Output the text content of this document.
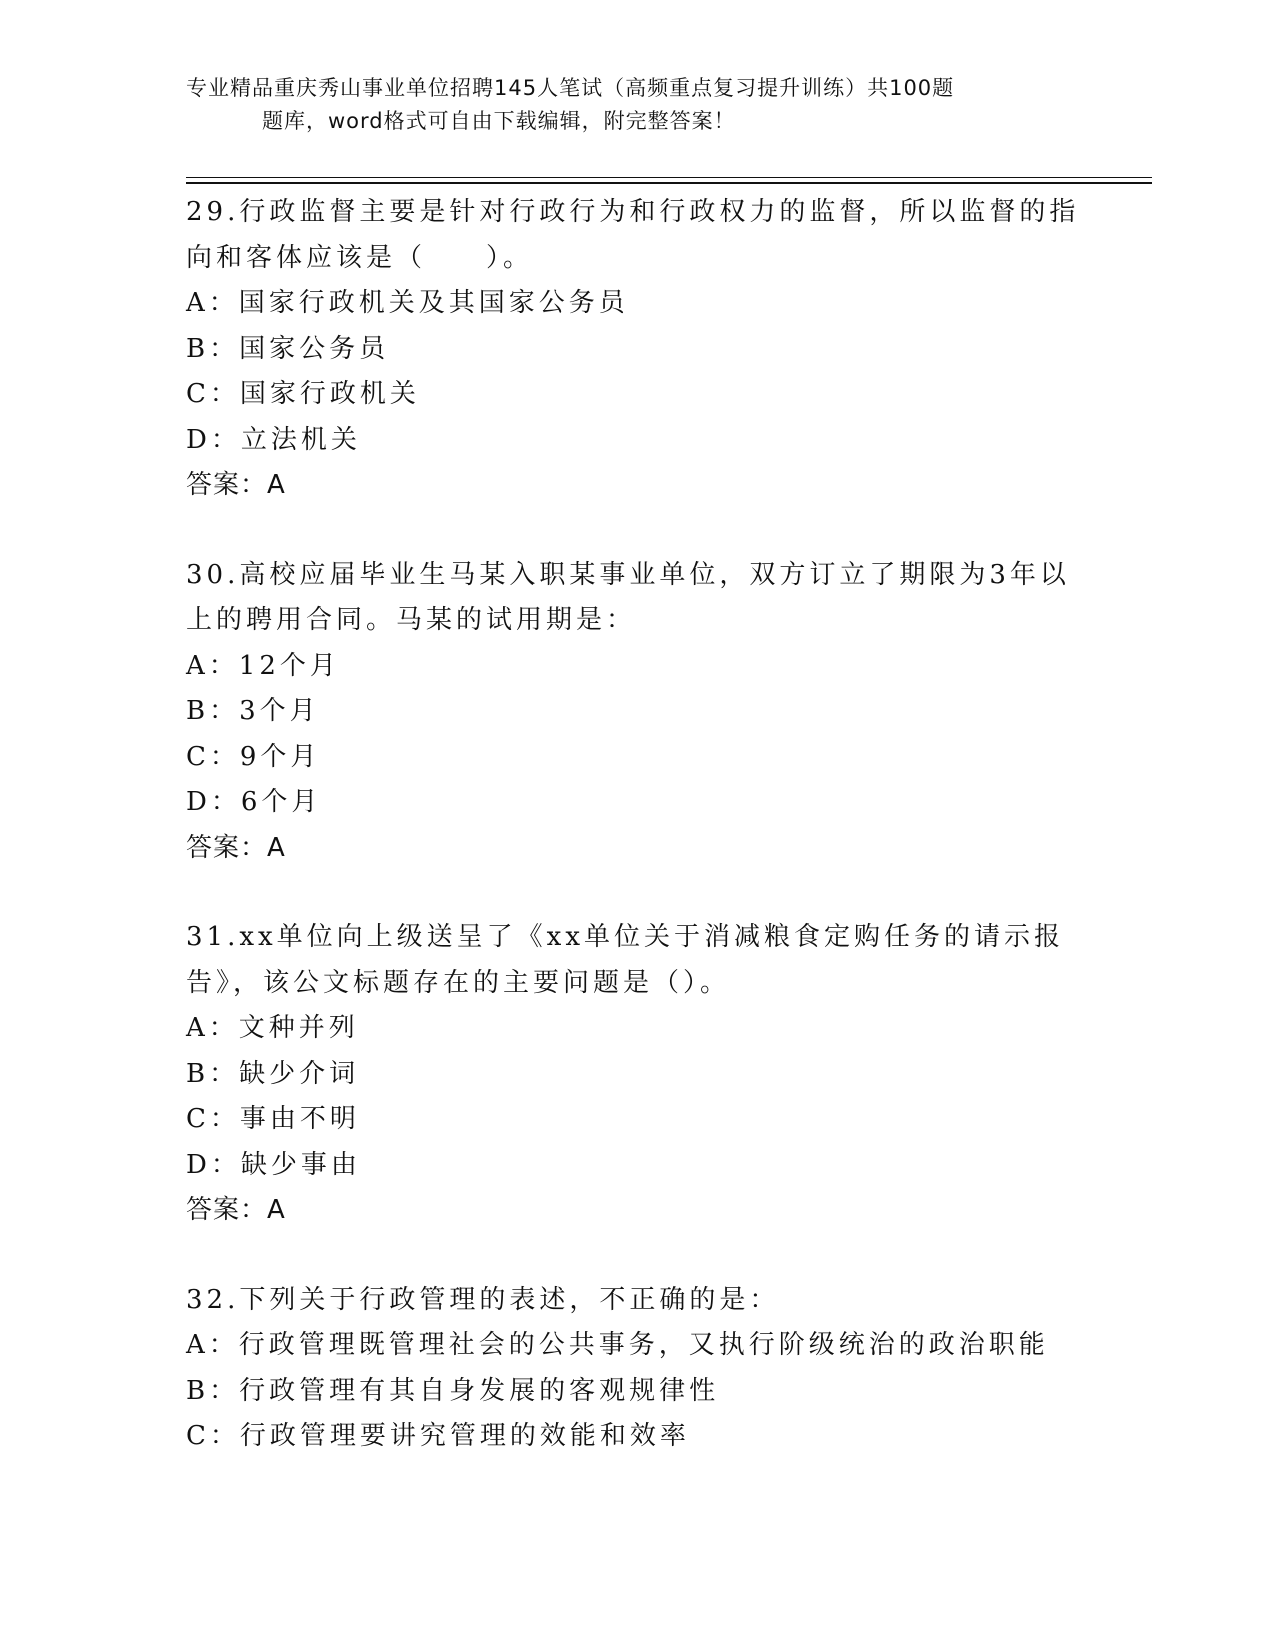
专业精品重庆秀山事业单位招聘145人笔试（高频重点复习提升训练）共100题
题库，word格式可自由下载编辑，附完整答案！
29.行政监督主要是针对行政行为和行政权力的监督，所以监督的指向和客体应该是（　　）。
A：国家行政机关及其国家公务员
B：国家公务员
C：国家行政机关
D：立法机关
答案：A
30.高校应届毕业生马某入职某事业单位，双方订立了期限为3年以上的聘用合同。马某的试用期是：
A：12个月
B：3个月
C：9个月
D：6个月
答案：A
31.xx单位向上级送呈了《xx单位关于消减粮食定购任务的请示报告》，该公文标题存在的主要问题是（）。
A：文种并列
B：缺少介词
C：事由不明
D：缺少事由
答案：A
32.下列关于行政管理的表述，不正确的是：
A：行政管理既管理社会的公共事务，又执行阶级统治的政治职能
B：行政管理有其自身发展的客观规律性
C：行政管理要讲究管理的效能和效率
